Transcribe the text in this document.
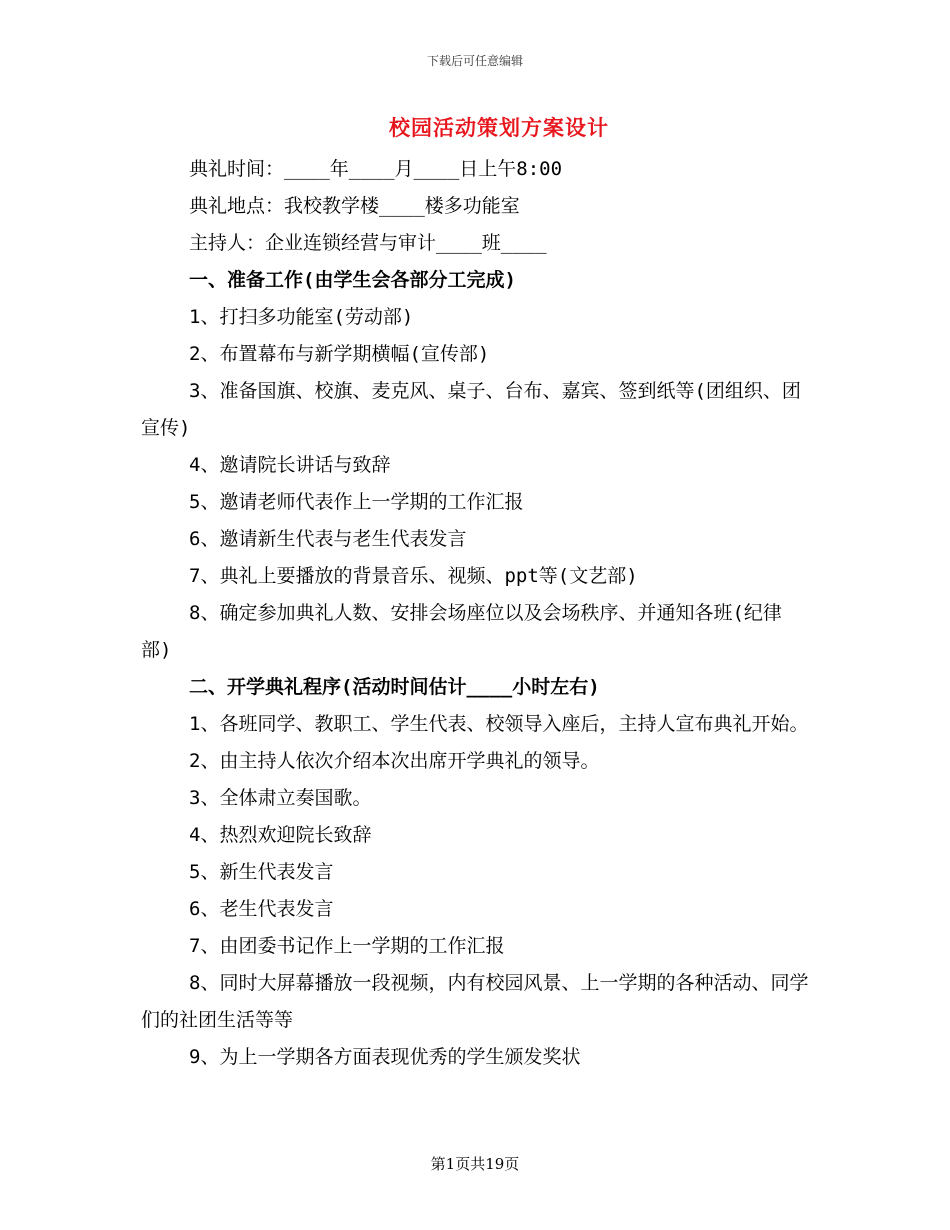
下载后可任意编辑
校园活动策划方案设计

典礼时间：____年____月____日上午8:00

典礼地点：我校教学楼____楼多功能室

主持人：企业连锁经营与审计____班____

一、准备工作(由学生会各部分工完成)

1、打扫多功能室(劳动部)

2、布置幕布与新学期横幅(宣传部)

3、准备国旗、校旗、麦克风、桌子、台布、嘉宾、签到纸等(团组织、团宣传)

4、邀请院长讲话与致辞

5、邀请老师代表作上一学期的工作汇报

6、邀请新生代表与老生代表发言

7、典礼上要播放的背景音乐、视频、ppt等(文艺部)

8、确定参加典礼人数、安排会场座位以及会场秩序、并通知各班(纪律部)

二、开学典礼程序(活动时间估计____小时左右)

1、各班同学、教职工、学生代表、校领导入座后，主持人宣布典礼开始。

2、由主持人依次介绍本次出席开学典礼的领导。

3、全体肃立奏国歌。

4、热烈欢迎院长致辞

5、新生代表发言

6、老生代表发言

7、由团委书记作上一学期的工作汇报

8、同时大屏幕播放一段视频，内有校园风景、上一学期的各种活动、同学们的社团生活等等

9、为上一学期各方面表现优秀的学生颁发奖状

第1页共19页
